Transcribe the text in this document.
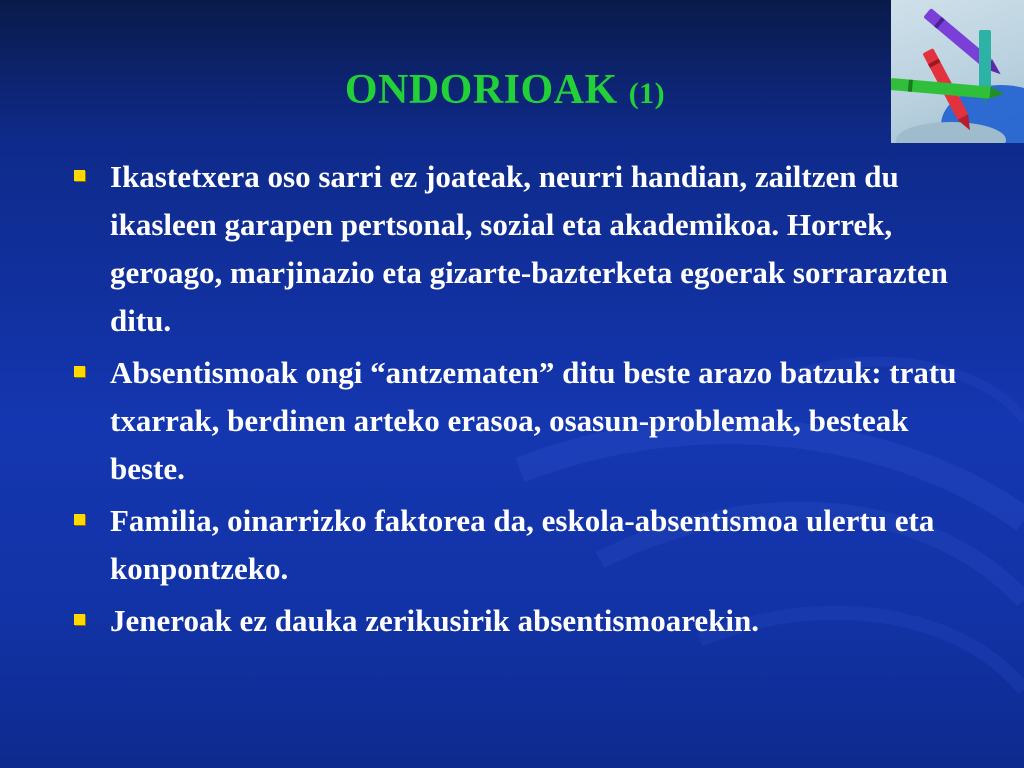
ONDORIOAK (1)
Ikastetxera oso sarri ez joateak, neurri handian, zailtzen du ikasleen garapen pertsonal, sozial eta akademikoa. Horrek, geroago, marjinazio eta gizarte-bazterketa egoerak sorrarazten ditu.
Absentismoak ongi “antzematen” ditu beste arazo batzuk: tratu txarrak, berdinen arteko erasoa, osasun-problemak, besteak beste.
Familia, oinarrizko faktorea da, eskola-absentismoa ulertu eta konpontzeko.
Jeneroak ez dauka zerikusirik absentismoarekin.
